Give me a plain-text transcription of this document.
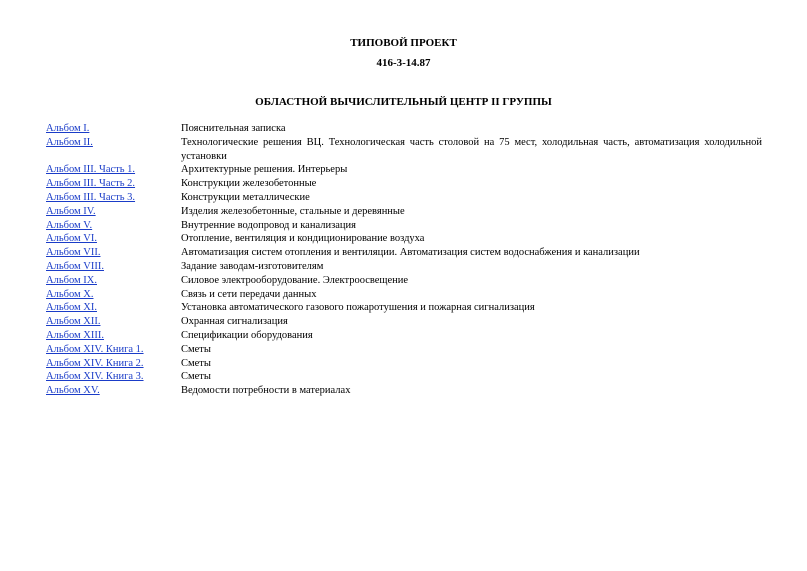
ТИПОВОЙ ПРОЕКТ
416-3-14.87
ОБЛАСТНОЙ ВЫЧИСЛИТЕЛЬНЫЙ ЦЕНТР II ГРУППЫ
Альбом I.	Пояснительная записка
Альбом II.	Технологические решения ВЦ. Технологическая часть столовой на 75 мест, холодильная часть, автоматизация холодильной установки
Альбом III. Часть 1.	Архитектурные решения. Интерьеры
Альбом III. Часть 2.	Конструкции железобетонные
Альбом III. Часть 3.	Конструкции металлические
Альбом IV.	Изделия железобетонные, стальные и деревянные
Альбом V.	Внутренние водопровод и канализация
Альбом VI.	Отопление, вентиляция и кондиционирование воздуха
Альбом VII.	Автоматизация систем отопления и вентиляции. Автоматизация систем водоснабжения и канализации
Альбом VIII.	Задание заводам-изготовителям
Альбом IX.	Силовое электрооборудование. Электроосвещение
Альбом X.	Связь и сети передачи данных
Альбом XI.	Установка автоматического газового пожаротушения и пожарная сигнализация
Альбом XII.	Охранная сигнализация
Альбом XIII.	Спецификации оборудования
Альбом XIV. Книга 1.	Сметы
Альбом XIV. Книга 2.	Сметы
Альбом XIV. Книга 3.	Сметы
Альбом XV.	Ведомости потребности в материалах
